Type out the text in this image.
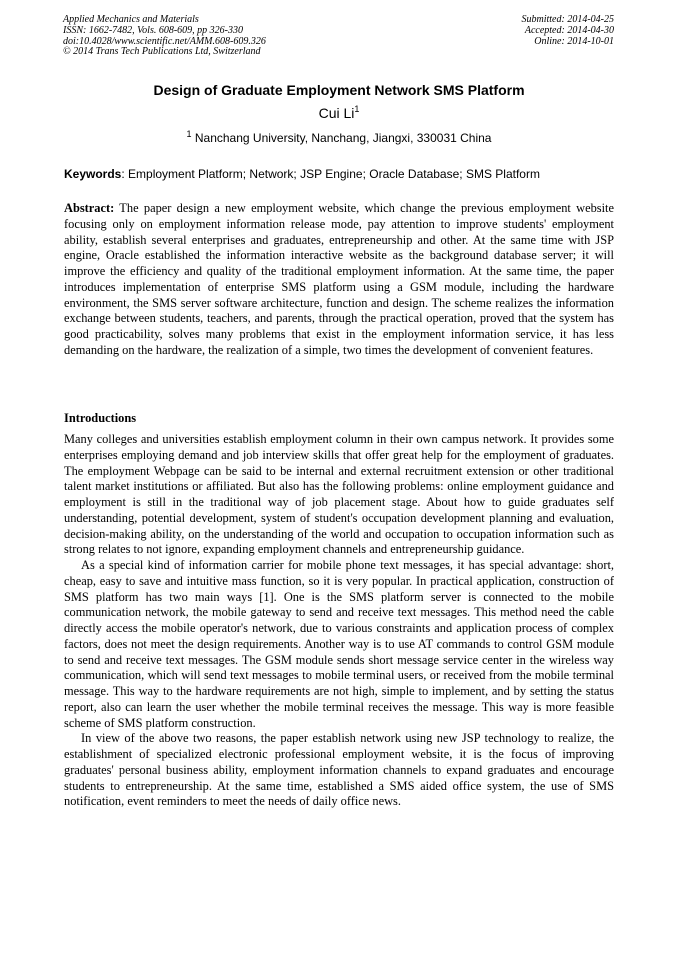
Applied Mechanics and Materials
ISSN: 1662-7482, Vols. 608-609, pp 326-330
doi:10.4028/www.scientific.net/AMM.608-609.326
© 2014 Trans Tech Publications Ltd, Switzerland
Submitted: 2014-04-25
Accepted: 2014-04-30
Online: 2014-10-01
Design of Graduate Employment Network SMS Platform
Cui Li$^1$
$^1$ Nanchang University, Nanchang, Jiangxi, 330031 China
Keywords: Employment Platform; Network; JSP Engine; Oracle Database; SMS Platform
Abstract: The paper design a new employment website, which change the previous employment website focusing only on employment information release mode, pay attention to improve students' employment ability, establish several enterprises and graduates, entrepreneurship and other. At the same time with JSP engine, Oracle established the information interactive website as the background database server; it will improve the efficiency and quality of the traditional employment information. At the same time, the paper introduces implementation of enterprise SMS platform using a GSM module, including the hardware environment, the SMS server software architecture, function and design. The scheme realizes the information exchange between students, teachers, and parents, through the practical operation, proved that the system has good practicability, solves many problems that exist in the employment information service, it has less demanding on the hardware, the realization of a simple, two times the development of convenient features.
Introductions

Many colleges and universities establish employment column in their own campus network. It provides some enterprises employing demand and job interview skills that offer great help for the employment of graduates. The employment Webpage can be said to be internal and external recruitment extension or other traditional talent market institutions or affiliated. But also has the following problems: online employment guidance and employment is still in the traditional way of job placement stage. About how to guide graduates self understanding, potential development, system of student's occupation development planning and evaluation, decision-making ability, on the understanding of the world and occupation to occupation information such as strong relates to not ignore, expanding employment channels and entrepreneurship guidance.

As a special kind of information carrier for mobile phone text messages, it has special advantage: short, cheap, easy to save and intuitive mass function, so it is very popular. In practical application, construction of SMS platform has two main ways [1]. One is the SMS platform server is connected to the mobile communication network, the mobile gateway to send and receive text messages. This method need the cable directly access the mobile operator's network, due to various constraints and application process of complex factors, does not meet the design requirements. Another way is to use AT commands to control GSM module to send and receive text messages. The GSM module sends short message service center in the wireless way communication, which will send text messages to mobile terminal users, or received from the mobile terminal message. This way to the hardware requirements are not high, simple to implement, and by setting the status report, also can learn the user whether the mobile terminal receives the message. This way is more feasible scheme of SMS platform construction.

In view of the above two reasons, the paper establish network using new JSP technology to realize, the establishment of specialized electronic professional employment website, it is the focus of improving graduates' personal business ability, employment information channels to expand graduates and encourage students to entrepreneurship. At the same time, established a SMS aided office system, the use of SMS notification, event reminders to meet the needs of daily office news.
